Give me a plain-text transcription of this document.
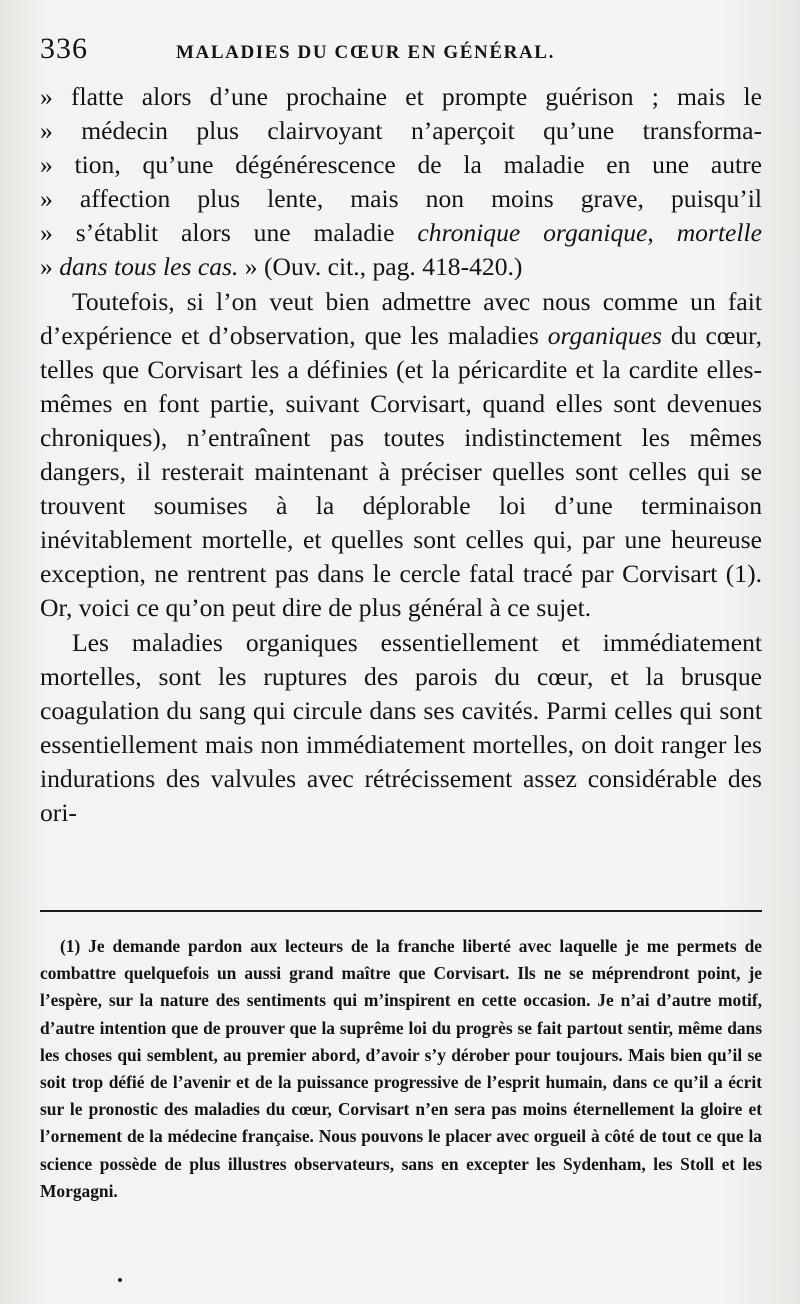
336	MALADIES DU CŒUR EN GÉNÉRAL.

» flatte alors d’une prochaine et prompte guérison ; mais le

» médecin plus clairvoyant n’aperçoit qu’une transforma-

» tion, qu’une dégénérescence de la maladie en une autre

» affection plus lente, mais non moins grave, puisqu’il

» s’établit alors une maladie chronique organique, mortelle

» dans tous les cas. » (Ouv. cit., pag. 418-420.)

Toutefois, si l’on veut bien admettre avec nous comme un fait d’expérience et d’observation, que les maladies organiques du cœur, telles que Corvisart les a définies (et la péricardite et la cardite elles-mêmes en font partie, suivant Corvisart, quand elles sont devenues chroniques), n’entraînent pas toutes indistinctement les mêmes dangers, il resterait maintenant à préciser quelles sont celles qui se trouvent soumises à la déplorable loi d’une terminaison inévitablement mortelle, et quelles sont celles qui, par une heureuse exception, ne rentrent pas dans le cercle fatal tracé par Corvisart (1). Or, voici ce qu’on peut dire de plus général à ce sujet.

Les maladies organiques essentiellement et immédiatement mortelles, sont les ruptures des parois du cœur, et la brusque coagulation du sang qui circule dans ses cavités. Parmi celles qui sont essentiellement mais non immédiatement mortelles, on doit ranger les indurations des valvules avec rétrécissement assez considérable des ori-

(1) Je demande pardon aux lecteurs de la franche liberté avec laquelle je me permets de combattre quelquefois un aussi grand maître que Corvisart. Ils ne se méprendront point, je l’espère, sur la nature des sentiments qui m’inspirent en cette occasion. Je n’ai d’autre motif, d’autre intention que de prouver que la suprême loi du progrès se fait partout sentir, même dans les choses qui semblent, au premier abord, d’avoir s’y dérober pour toujours. Mais bien qu’il se soit trop défié de l’avenir et de la puissance progressive de l’esprit humain, dans ce qu’il a écrit sur le pronostic des maladies du cœur, Corvisart n’en sera pas moins éternellement la gloire et l’ornement de la médecine française. Nous pouvons le placer avec orgueil à côté de tout ce que la science possède de plus illustres observateurs, sans en excepter les Sydenham, les Stoll et les Morgagni.
